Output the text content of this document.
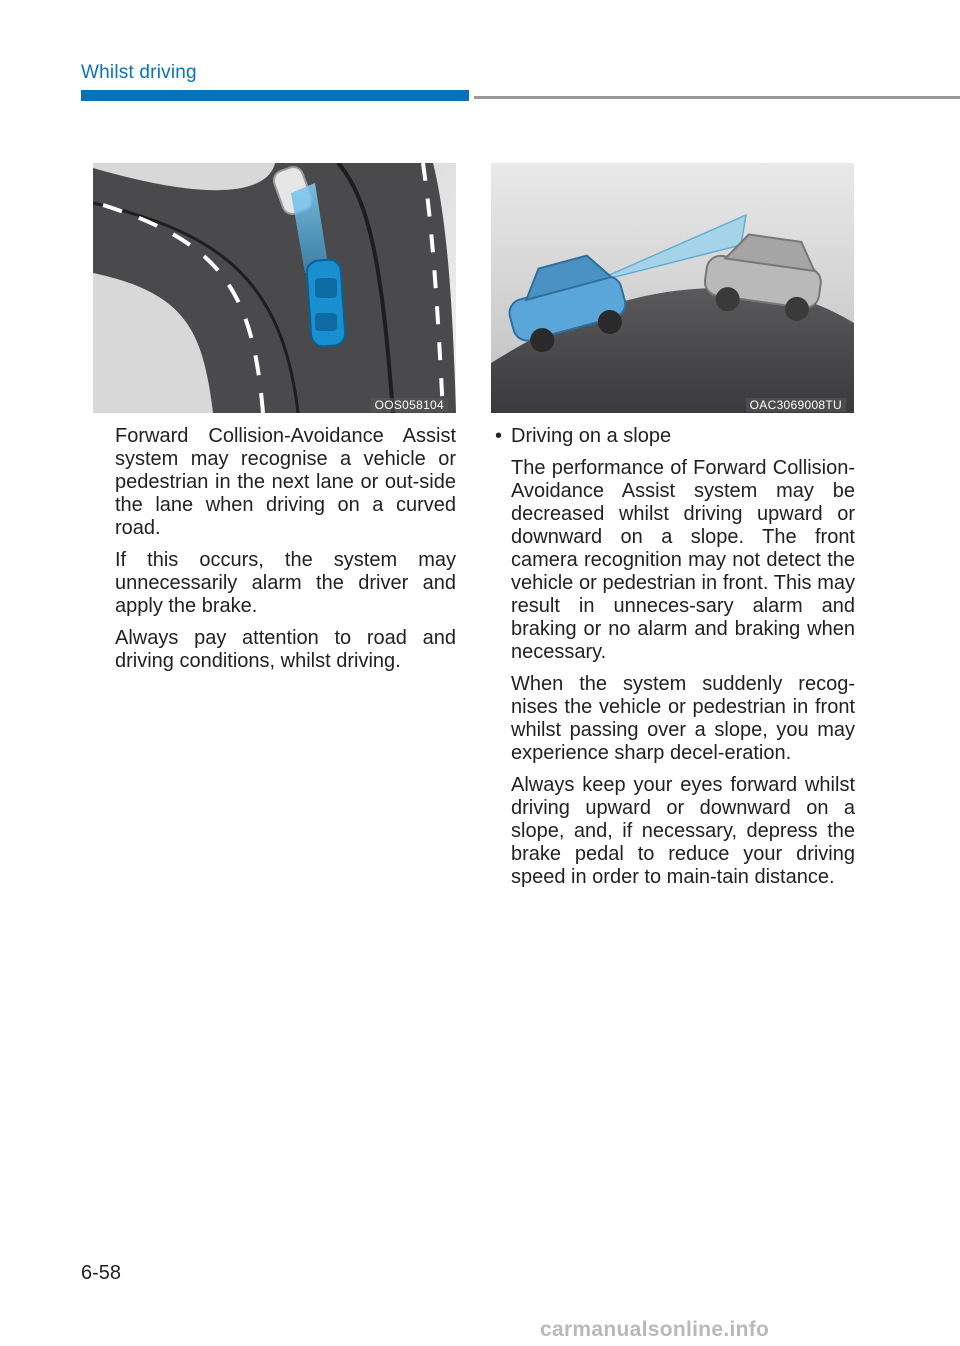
Whilst driving
OOS058104	OAC3069008TU

Forward Collision-Avoidance Assist system may recognise a vehicle or pedestrian in the next lane or out-side the lane when driving on a curved road.

If this occurs, the system may unnecessarily alarm the driver and apply the brake.

Always pay attention to road and driving conditions, whilst driving.

• Driving on a slope

The performance of Forward Collision-Avoidance Assist system may be decreased whilst driving upward or downward on a slope. The front camera recognition may not detect the vehicle or pedestrian in front. This may result in unneces-sary alarm and braking or no alarm and braking when necessary.

When the system suddenly recog-nises the vehicle or pedestrian in front whilst passing over a slope, you may experience sharp decel-eration.

Always keep your eyes forward whilst driving upward or downward on a slope, and, if necessary, depress the brake pedal to reduce your driving speed in order to main-tain distance.

6-58
carmanualsonline.info
